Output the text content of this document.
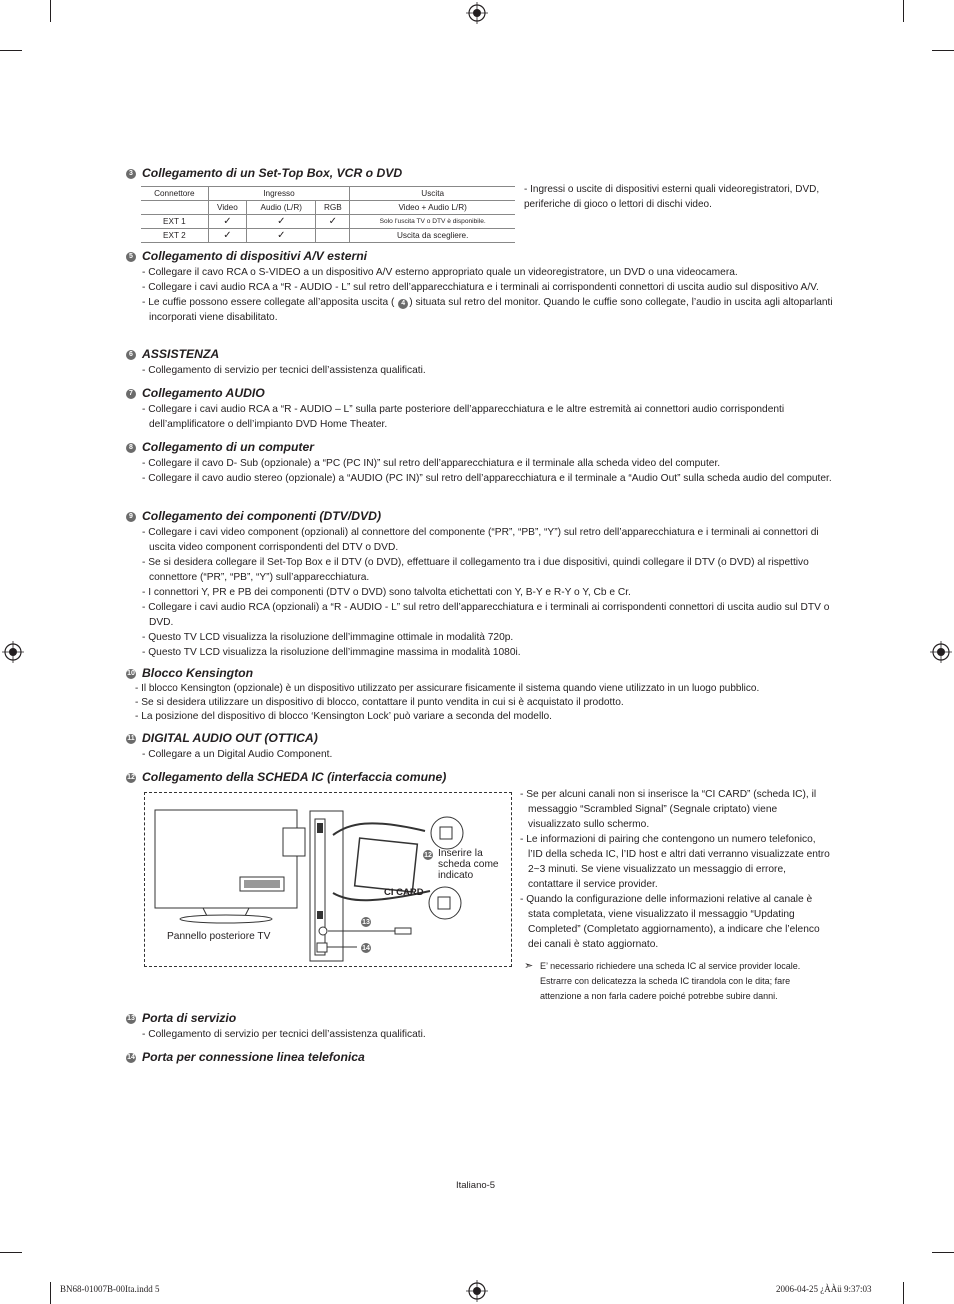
3 Collegamento di un Set-Top Box, VCR o DVD
Connettore	Ingresso			Uscita
	Video	Audio (L/R)	RGB	Video + Audio L/R)
EXT 1	✓	✓	✓	Solo l’uscita TV o DTV è disponibile.
EXT 2	✓	✓		Uscita da scegliere.
- Ingressi o uscite di dispositivi esterni quali videoregistratori, DVD, periferiche di gioco o lettori di dischi video.
5 Collegamento di dispositivi A/V esterni
- Collegare il cavo RCA o S-VIDEO a un dispositivo A/V esterno appropriato quale un videoregistratore, un DVD o una videocamera.
- Collegare i cavi audio RCA a “R - AUDIO - L” sul retro dell’apparecchiatura e i terminali ai corrispondenti connettori di uscita audio sul dispositivo A/V.
- Le cuffie possono essere collegate all’apposita uscita ( 4 ) situata sul retro del monitor. Quando le cuffie sono collegate, l’audio in uscita agli altoparlanti incorporati viene disabilitato.
6 ASSISTENZA
- Collegamento di servizio per tecnici dell’assistenza qualificati.
7 Collegamento AUDIO
- Collegare i cavi audio RCA a “R - AUDIO – L” sulla parte posteriore dell’apparecchiatura e le altre estremità ai connettori audio corrispondenti dell’amplificatore o dell’impianto DVD Home Theater.
8 Collegamento di un computer
- Collegare il cavo D- Sub (opzionale) a “PC (PC IN)” sul retro dell’apparecchiatura e il terminale alla scheda video del computer.
- Collegare il cavo audio stereo (opzionale) a “AUDIO (PC IN)” sul retro dell’apparecchiatura e il terminale a “Audio Out” sulla scheda audio del computer.
9 Collegamento dei componenti (DTV/DVD)
- Collegare i cavi video component (opzionali) al connettore del componente (“PR”, “PB”, “Y”) sul retro dell’apparecchiatura e i terminali ai connettori di uscita video component corrispondenti del DTV o DVD.
- Se si desidera collegare il Set-Top Box e il DTV (o DVD), effettuare il collegamento tra i due dispositivi, quindi collegare il DTV (o DVD) al rispettivo connettore (“PR”, “PB”, “Y”) sull’apparecchiatura.
- I connettori Y, PR e PB dei componenti (DTV o DVD) sono talvolta etichettati con Y, B-Y e R-Y o Y, Cb e Cr.
- Collegare i cavi audio RCA (opzionali) a “R - AUDIO - L” sul retro dell’apparecchiatura e i terminali ai corrispondenti connettori di uscita audio sul DTV o DVD.
- Questo TV LCD visualizza la risoluzione dell’immagine ottimale in modalità 720p.
- Questo TV LCD visualizza la risoluzione dell’immagine massima in modalità 1080i.
10 Blocco Kensington
- Il blocco Kensington (opzionale) è un dispositivo utilizzato per assicurare fisicamente il sistema quando viene utilizzato in un luogo pubblico.
- Se si desidera utilizzare un dispositivo di blocco, contattare il punto vendita in cui si è acquistato il prodotto.
- La posizione del dispositivo di blocco ‘Kensington Lock’ può variare a seconda del modello.
11 DIGITAL AUDIO OUT (OTTICA)
- Collegare a un Digital Audio Component.
12 Collegamento della SCHEDA IC (interfaccia comune)
12
13
14
Pannello posteriore TV
Inserire la scheda come indicato
CI CARD
- Se per alcuni canali non si inserisce la “CI CARD” (scheda IC), il messaggio “Scrambled Signal” (Segnale criptato) viene visualizzato sullo schermo.
- Le informazioni di pairing che contengono un numero telefonico, l’ID della scheda IC, l’ID host e altri dati verranno visualizzate entro 2~3 minuti. Se viene visualizzato un messaggio di errore, contattare il service provider.
- Quando la configurazione delle informazioni relative al canale è stata completata, viene visualizzato il messaggio “Updating Completed” (Completato aggiornamento), a indicare che l’elenco dei canali è stato aggiornato.
➣ E’ necessario richiedere una scheda IC al service provider locale. Estrarre con delicatezza la scheda IC tirandola con le dita; fare attenzione a non farla cadere poiché potrebbe subire danni.
13 Porta di servizio
- Collegamento di servizio per tecnici dell’assistenza qualificati.
14 Porta per connessione linea telefonica
Italiano-5
BN68-01007B-00Ita.indd 5	2006-04-25 ¿ÀÀü 9:37:03
